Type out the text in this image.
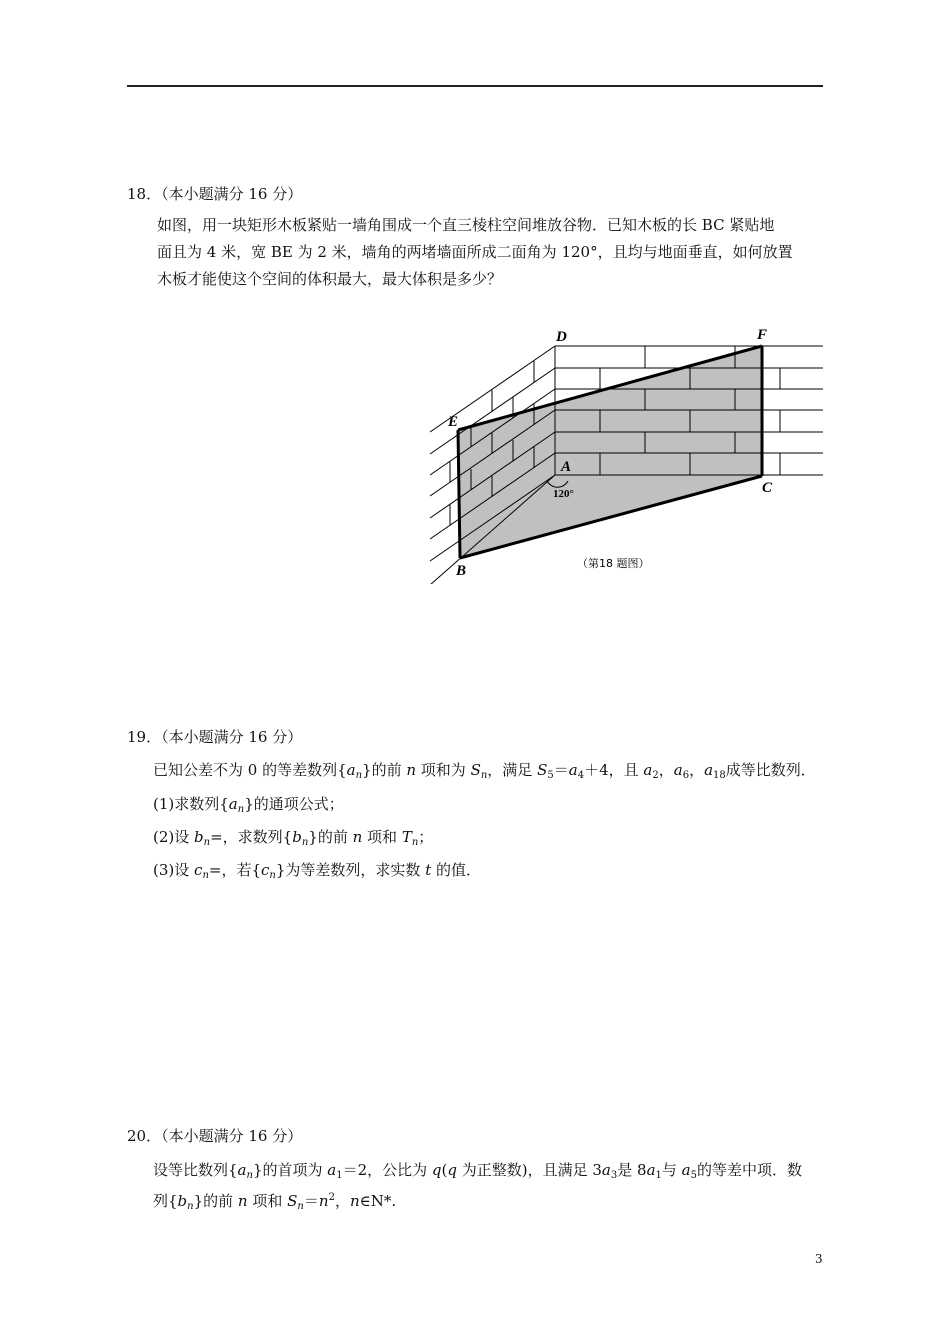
18．（本小题满分 16 分）
如图，用一块矩形木板紧贴一墙角围成一个直三棱柱空间堆放谷物．已知木板的长 BC 紧贴地
面且为 4 米，宽 BE 为 2 米，墙角的两堵墙面所成二面角为 120°，且均与地面垂直，如何放置
木板才能使这个空间的体积最大，最大体积是多少？
D	F
E
A
C
B
120°
（第18 题图）
19．（本小题满分 16 分）
已知公差不为 0 的等差数列$\{a_n\}$的前 n 项和为 $S_n$，满足 $S_5=a_4+4$，且 $a_2$，$a_6$，$a_{18}$成等比数列．
(1)求数列$\{a_n\}$的通项公式；
(2)设 $b_n=$，求数列$\{b_n\}$的前 n 项和 $T_n$；
(3)设 $c_n=$，若$\{c_n\}$为等差数列，求实数 t 的值．
20．（本小题满分 16 分）
设等比数列$\{a_n\}$的首项为 $a_1=2$，公比为 q(q 为正整数)，且满足 $3a_3$是 $8a_1$与 $a_5$的等差中项．数
列$\{b_n\}$的前 n 项和 $S_n=n^2$，n∈N*.
3
